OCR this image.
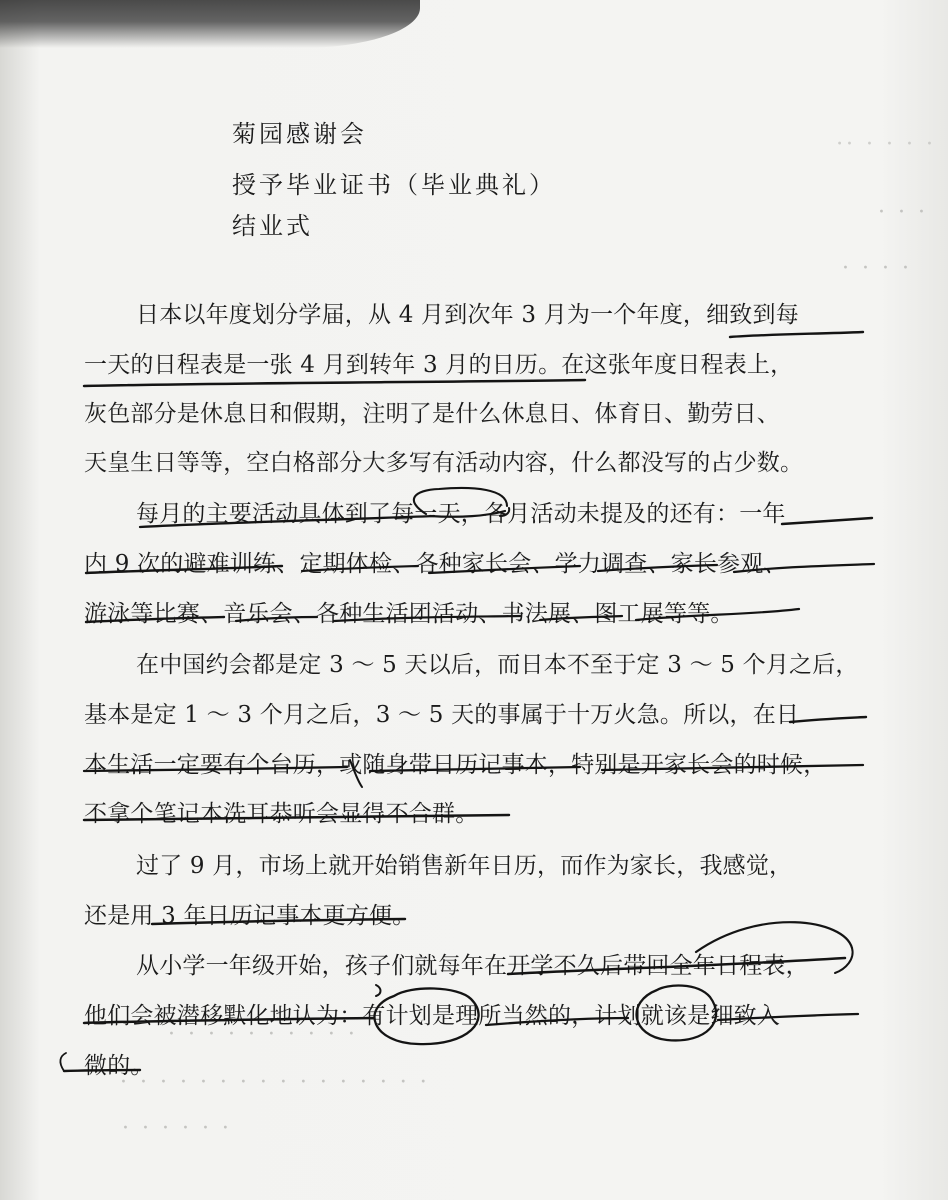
·· · · · ·
· · ·
· · · ·
· · · · · · · · · ·
· · · · · · · · · · · · · · · ·
· · · · · ·
菊园感谢会
授予毕业证书（毕业典礼）
结业式
日本以年度划分学届，从 4 月到次年 3 月为一个年度，细致到每
一天的日程表是一张 4 月到转年 3 月的日历。在这张年度日程表上，
灰色部分是休息日和假期，注明了是什么休息日、体育日、勤劳日、
天皇生日等等，空白格部分大多写有活动内容，什么都没写的占少数。
每月的主要活动具体到了每一天，各月活动未提及的还有：一年
内 9 次的避难训练、定期体检、各种家长会、学力调查、家长参观、
游泳等比赛、音乐会、各种生活团活动、书法展、图工展等等。
在中国约会都是定 3 ～ 5 天以后，而日本不至于定 3 ～ 5 个月之后，
基本是定 1 ～ 3 个月之后，3 ～ 5 天的事属于十万火急。所以，在日
本生活一定要有个台历，或随身带日历记事本，特别是开家长会的时候，
不拿个笔记本洗耳恭听会显得不合群。
过了 9 月，市场上就开始销售新年日历，而作为家长，我感觉，
还是用 3 年日历记事本更方便。
从小学一年级开始，孩子们就每年在开学不久后带回全年日程表，
他们会被潜移默化地认为：有计划是理所当然的，计划就该是细致入
微的。
